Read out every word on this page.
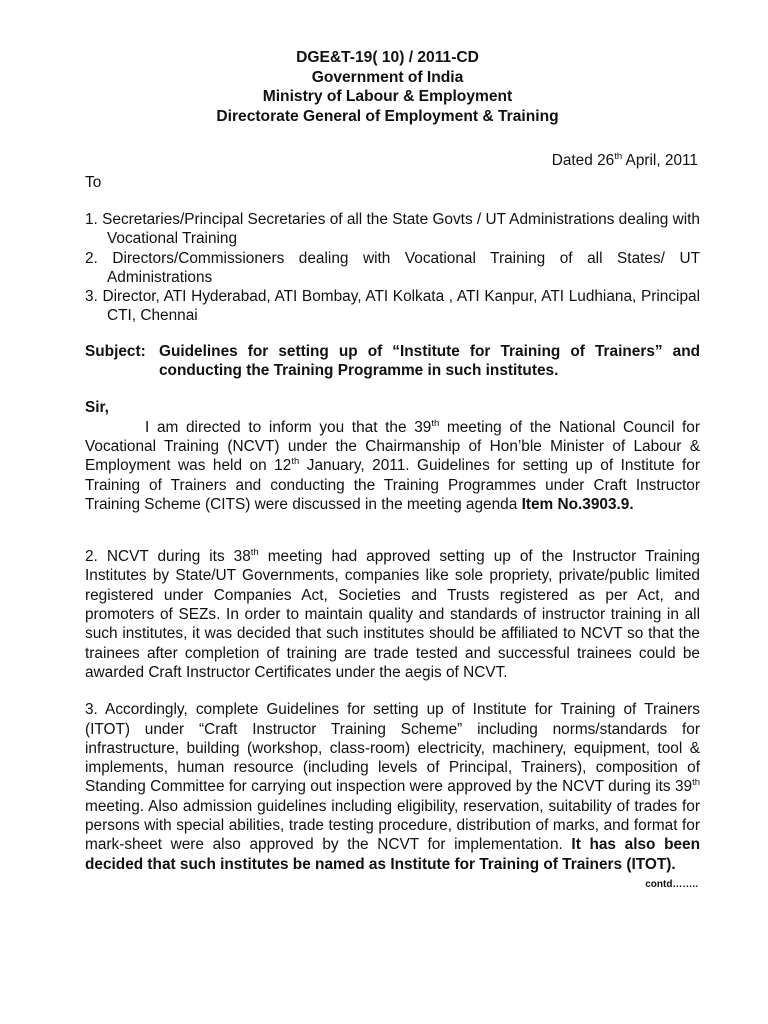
DGE&T-19( 10) / 2011-CD
Government of India
Ministry of Labour & Employment
Directorate General of Employment & Training
Dated 26th April, 2011
To
1. Secretaries/Principal Secretaries of all the State Govts / UT Administrations dealing with Vocational Training
2. Directors/Commissioners dealing with Vocational Training of all States/ UT Administrations
3. Director, ATI Hyderabad, ATI Bombay, ATI Kolkata , ATI Kanpur, ATI Ludhiana, Principal CTI, Chennai
Subject: Guidelines for setting up of “Institute for Training of Trainers” and conducting the Training Programme in such institutes.
Sir,

I am directed to inform you that the 39th meeting of the National Council for Vocational Training (NCVT) under the Chairmanship of Hon’ble Minister of Labour & Employment was held on 12th January, 2011. Guidelines for setting up of Institute for Training of Trainers and conducting the Training Programmes under Craft Instructor Training Scheme (CITS) were discussed in the meeting agenda Item No.3903.9.

2. NCVT during its 38th meeting had approved setting up of the Instructor Training Institutes by State/UT Governments, companies like sole propriety, private/public limited registered under Companies Act, Societies and Trusts registered as per Act, and promoters of SEZs. In order to maintain quality and standards of instructor training in all such institutes, it was decided that such institutes should be affiliated to NCVT so that the trainees after completion of training are trade tested and successful trainees could be awarded Craft Instructor Certificates under the aegis of NCVT.

3. Accordingly, complete Guidelines for setting up of Institute for Training of Trainers (ITOT) under “Craft Instructor Training Scheme” including norms/standards for infrastructure, building (workshop, class-room) electricity, machinery, equipment, tool & implements, human resource (including levels of Principal, Trainers), composition of Standing Committee for carrying out inspection were approved by the NCVT during its 39th meeting. Also admission guidelines including eligibility, reservation, suitability of trades for persons with special abilities, trade testing procedure, distribution of marks, and format for mark-sheet were also approved by the NCVT for implementation. It has also been decided that such institutes be named as Institute for Training of Trainers (ITOT).

contd……..
